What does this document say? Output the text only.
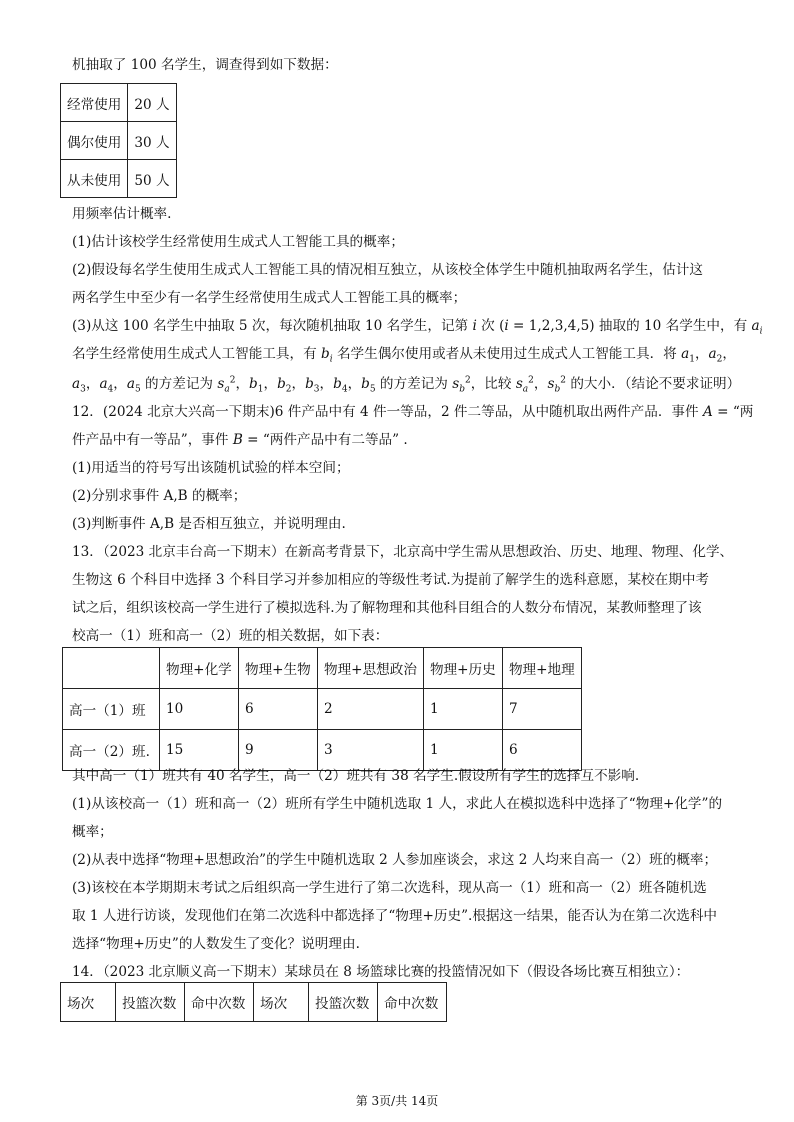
机抽取了 100 名学生，调查得到如下数据：
经常使用	20 人
偶尔使用	30 人
从未使用	50 人
用频率估计概率.
(1)估计该校学生经常使用生成式人工智能工具的概率；
(2)假设每名学生使用生成式人工智能工具的情况相互独立，从该校全体学生中随机抽取两名学生，估计这
两名学生中至少有一名学生经常使用生成式人工智能工具的概率；
(3)从这 100 名学生中抽取 5 次，每次随机抽取 10 名学生，记第 i 次 (i = 1,2,3,4,5) 抽取的 10 名学生中，有 $a_i$
名学生经常使用生成式人工智能工具，有 $b_i$ 名学生偶尔使用或者从未使用过生成式人工智能工具．将 $a_1$，$a_2$，
$a_3$，$a_4$，$a_5$ 的方差记为 $s_a^2$，$b_1$，$b_2$，$b_3$，$b_4$，$b_5$ 的方差记为 $s_b^2$，比较 $s_a^2$，$s_b^2$ 的大小．（结论不要求证明）
12．(2024 北京大兴高一下期末)6 件产品中有 4 件一等品，2 件二等品，从中随机取出两件产品．事件 A = “两
件产品中有一等品”，事件 B = “两件产品中有二等品” .
(1)用适当的符号写出该随机试验的样本空间；
(2)分别求事件 A,B 的概率；
(3)判断事件 A,B 是否相互独立，并说明理由.
13．（2023 北京丰台高一下期末）在新高考背景下，北京高中学生需从思想政治、历史、地理、物理、化学、
生物这 6 个科目中选择 3 个科目学习并参加相应的等级性考试.为提前了解学生的选科意愿，某校在期中考
试之后，组织该校高一学生进行了模拟选科.为了解物理和其他科目组合的人数分布情况，某教师整理了该
校高一（1）班和高一（2）班的相关数据，如下表：
	物理+化学	物理+生物	物理+思想政治	物理+历史	物理+地理
高一（1）班	10	6	2	1	7
高一（2）班.	15	9	3	1	6
其中高一（1）班共有 40 名学生，高一（2）班共有 38 名学生.假设所有学生的选择互不影响.
(1)从该校高一（1）班和高一（2）班所有学生中随机选取 1 人，求此人在模拟选科中选择了“物理+化学”的
概率；
(2)从表中选择“物理+思想政治”的学生中随机选取 2 人参加座谈会，求这 2 人均来自高一（2）班的概率；
(3)该校在本学期期末考试之后组织高一学生进行了第二次选科，现从高一（1）班和高一（2）班各随机选
取 1 人进行访谈，发现他们在第二次选科中都选择了“物理+历史”.根据这一结果，能否认为在第二次选科中
选择“物理+历史”的人数发生了变化？说明理由.
14．（2023 北京顺义高一下期末）某球员在 8 场篮球比赛的投篮情况如下（假设各场比赛互相独立）：
场次	投篮次数	命中次数	场次	投篮次数	命中次数
第 3页/共 14页
